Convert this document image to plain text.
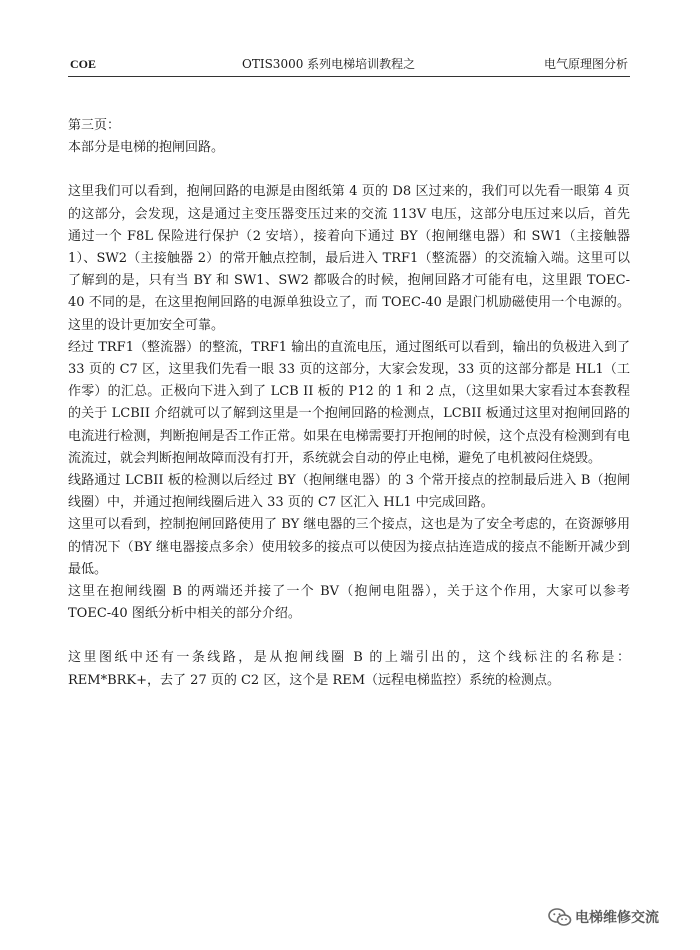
COE	OTIS3000 系列电梯培训教程之	电气原理图分析

第三页：

本部分是电梯的抱闸回路。

这里我们可以看到，抱闸回路的电源是由图纸第 4 页的 D8 区过来的，我们可以先看一眼第 4 页的这部分，会发现，这是通过主变压器变压过来的交流 113V 电压，这部分电压过来以后，首先通过一个 F8L 保险进行保护（2 安培），接着向下通过 BY（抱闸继电器）和 SW1（主接触器 1）、SW2（主接触器 2）的常开触点控制，最后进入 TRF1（整流器）的交流输入端。这里可以了解到的是，只有当 BY 和 SW1、SW2 都吸合的时候，抱闸回路才可能有电，这里跟 TOEC-40 不同的是，在这里抱闸回路的电源单独设立了，而 TOEC-40 是跟门机励磁使用一个电源的。这里的设计更加安全可靠。

经过 TRF1（整流器）的整流，TRF1 输出的直流电压，通过图纸可以看到，输出的负极进入到了 33 页的 C7 区，这里我们先看一眼 33 页的这部分，大家会发现，33 页的这部分都是 HL1（工作零）的汇总。正极向下进入到了 LCB II 板的 P12 的 1 和 2 点，（这里如果大家看过本套教程的关于 LCBII 介绍就可以了解到这里是一个抱闸回路的检测点，LCBII 板通过这里对抱闸回路的电流进行检测，判断抱闸是否工作正常。如果在电梯需要打开抱闸的时候，这个点没有检测到有电流流过，就会判断抱闸故障而没有打开，系统就会自动的停止电梯，避免了电机被闷住烧毁。

线路通过 LCBII 板的检测以后经过 BY（抱闸继电器）的 3 个常开接点的控制最后进入 B（抱闸线圈）中，并通过抱闸线圈后进入 33 页的 C7 区汇入 HL1 中完成回路。

这里可以看到，控制抱闸回路使用了 BY 继电器的三个接点，这也是为了安全考虑的，在资源够用的情况下（BY 继电器接点多余）使用较多的接点可以使因为接点拈连造成的接点不能断开减少到最低。

这里在抱闸线圈 B 的两端还并接了一个 BV（抱闸电阻器），关于这个作用，大家可以参考 TOEC-40 图纸分析中相关的部分介绍。

这里图纸中还有一条线路，是从抱闸线圈 B 的上端引出的，这个线标注的名称是：REM*BRK+，去了 27 页的 C2 区，这个是 REM（远程电梯监控）系统的检测点。

电梯维修交流
